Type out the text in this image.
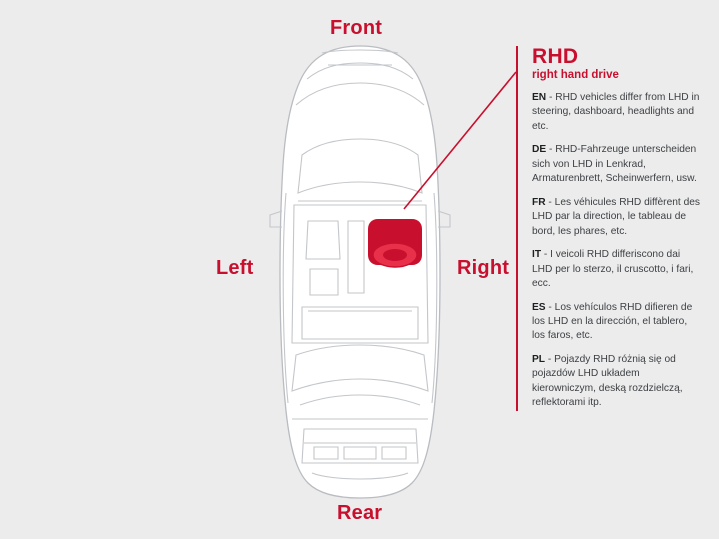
Front
Rear
Left	Right
RHD
right hand drive

EN - RHD vehicles differ from LHD in steering, dashboard, headlights and etc.

DE - RHD-Fahrzeuge unterscheiden sich von LHD in Lenkrad, Armaturenbrett, Scheinwerfern, usw.

FR - Les véhicules RHD diffèrent des LHD par la direction, le tableau de bord, les phares, etc.

IT - I veicoli RHD differiscono dai LHD per lo sterzo, il cruscotto, i fari, ecc.

ES - Los vehículos RHD difieren de los LHD en la dirección, el tablero, los faros, etc.

PL - Pojazdy RHD różnią się od pojazdów LHD układem kierowniczym, deską rozdzielczą, reflektorami itp.
